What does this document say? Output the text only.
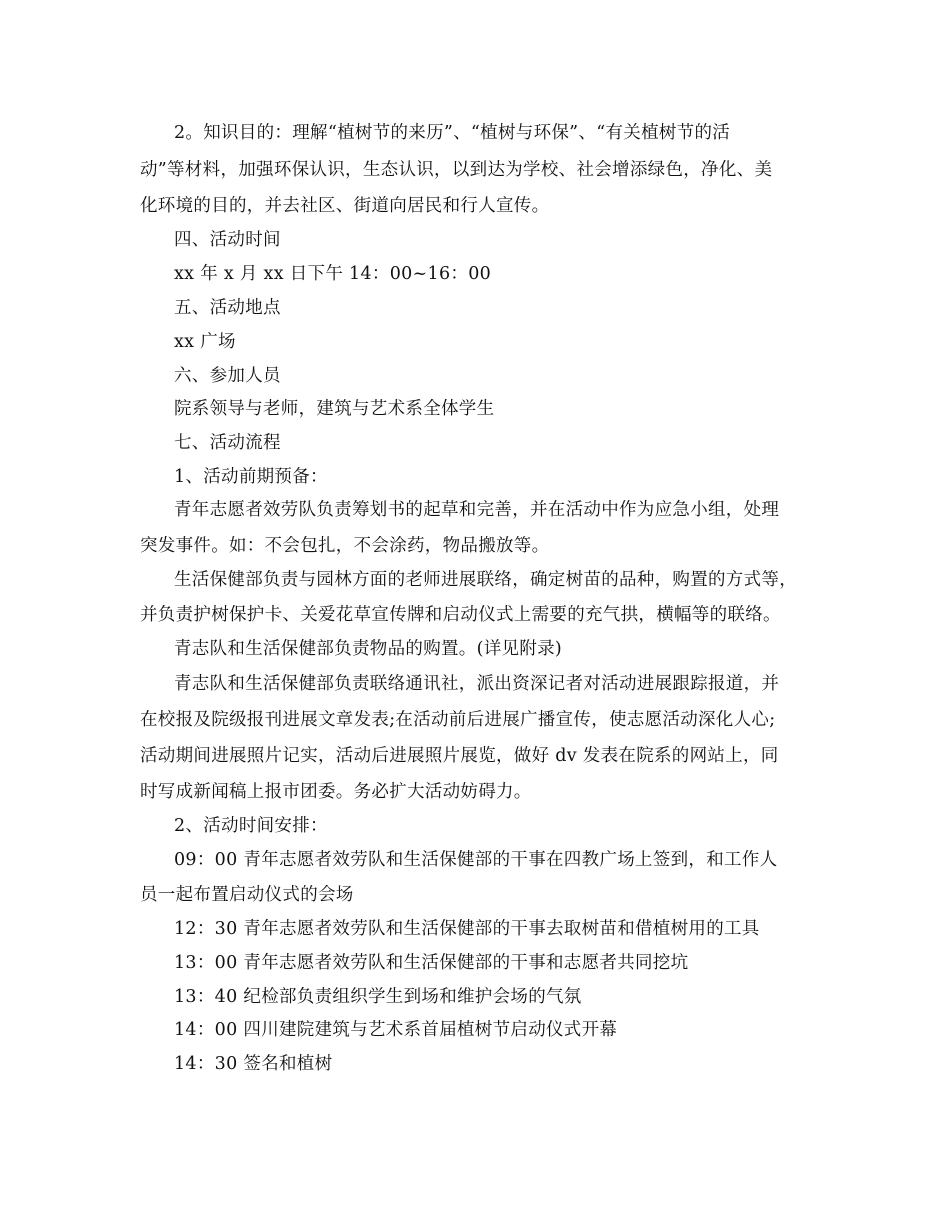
2。知识目的：理解“植树节的来历”、“植树与环保”、“有关植树节的活
动”等材料，加强环保认识，生态认识，以到达为学校、社会增添绿色，净化、美
化环境的目的，并去社区、街道向居民和行人宣传。
四、活动时间
xx 年 x 月 xx 日下午 14：00~16：00
五、活动地点
xx 广场
六、参加人员
院系领导与老师，建筑与艺术系全体学生
七、活动流程
1、活动前期预备：
青年志愿者效劳队负责筹划书的起草和完善，并在活动中作为应急小组，处理
突发事件。如：不会包扎，不会涂药，物品搬放等。
生活保健部负责与园林方面的老师进展联络，确定树苗的品种，购置的方式等，
并负责护树保护卡、关爱花草宣传牌和启动仪式上需要的充气拱，横幅等的联络。
青志队和生活保健部负责物品的购置。(详见附录)
青志队和生活保健部负责联络通讯社，派出资深记者对活动进展跟踪报道，并
在校报及院级报刊进展文章发表;在活动前后进展广播宣传，使志愿活动深化人心;
活动期间进展照片记实，活动后进展照片展览，做好 dv 发表在院系的网站上，同
时写成新闻稿上报市团委。务必扩大活动妨碍力。
2、活动时间安排：
09：00 青年志愿者效劳队和生活保健部的干事在四教广场上签到，和工作人
员一起布置启动仪式的会场
12：30 青年志愿者效劳队和生活保健部的干事去取树苗和借植树用的工具
13：00 青年志愿者效劳队和生活保健部的干事和志愿者共同挖坑
13：40 纪检部负责组织学生到场和维护会场的气氛
14：00 四川建院建筑与艺术系首届植树节启动仪式开幕
14：30 签名和植树
